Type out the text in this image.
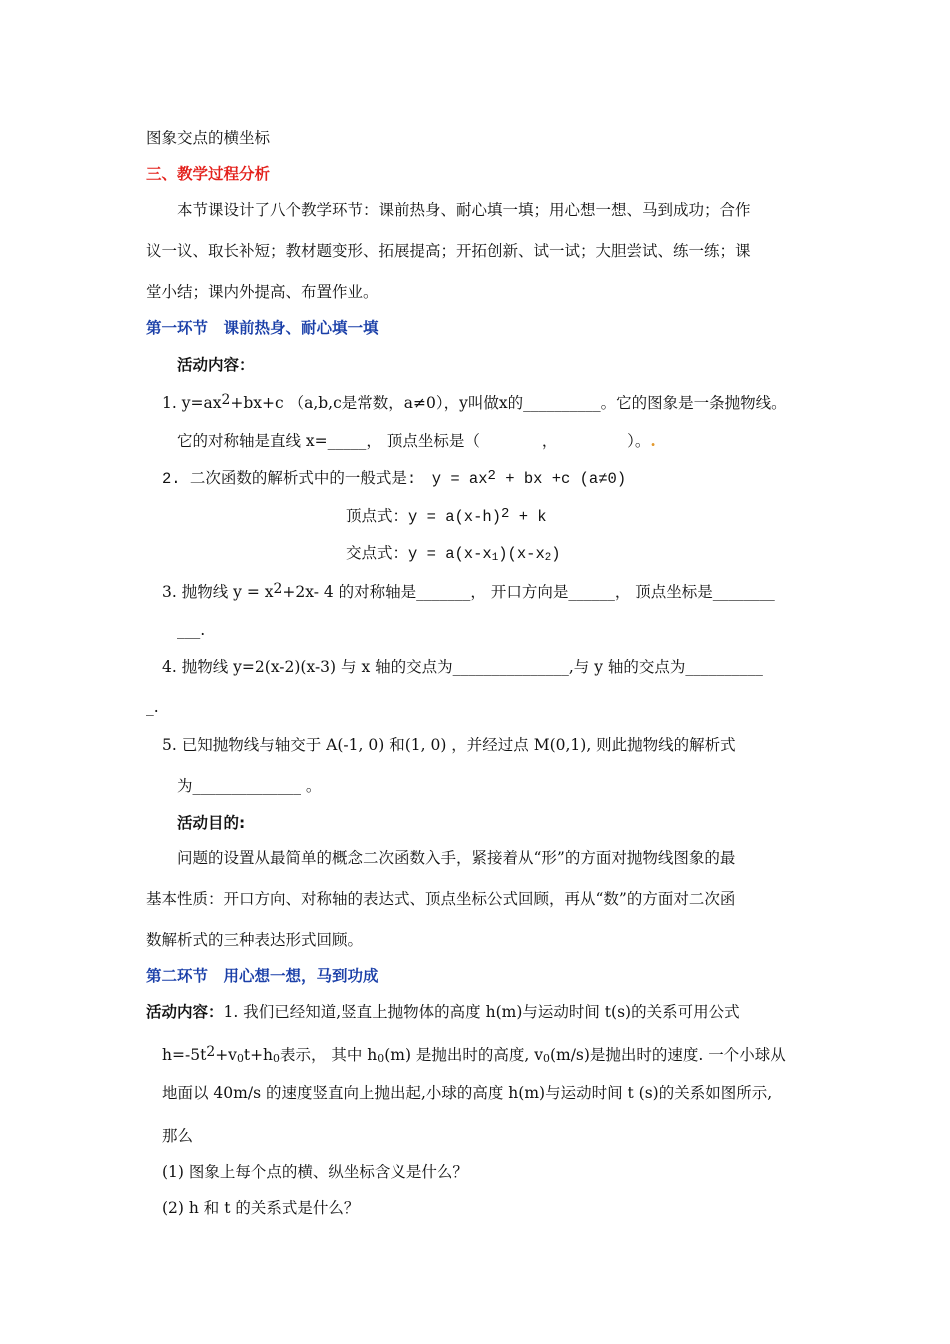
图象交点的横坐标
三、教学过程分析
本节课设计了八个教学环节：课前热身、耐心填一填；用心想一想、马到成功；合作
议一议、取长补短；教材题变形、拓展提高；开拓创新、试一试；大胆尝试、练一练；课
堂小结；课内外提高、布置作业。
第一环节　课前热身、耐心填一填
活动内容：
1. $y=ax^2+bx+c$ （a,b,c是常数，a≠0），y叫做x的__________。它的图象是一条抛物线。
它的对称轴是直线 x=_____， 顶点坐标是（　　　　，　　　　　）。.
2. 二次函数的解析式中的一般式是:　$y = ax^2$ + bx +c (a≠0)
顶点式：$y = a(x-h)^2 + k$
交点式：$y = a(x-x_1)(x-x_2)$
3. 抛物线 $y = x^2+2x-$ 4 的对称轴是_______， 开口方向是______， 顶点坐标是________
___.
4. 抛物线 y=2(x-2)(x-3) 与 x 轴的交点为_______________,与 y 轴的交点为__________
_.
5. 已知抛物线与轴交于 A(-1, 0) 和(1, 0) ，并经过点 M(0,1), 则此抛物线的解析式
为______________ 。
活动目的:
问题的设置从最简单的概念二次函数入手，紧接着从“形”的方面对抛物线图象的最
基本性质：开口方向、对称轴的表达式、顶点坐标公式回顾，再从“数”的方面对二次函
数解析式的三种表达形式回顾。
第二环节　用心想一想，马到功成
活动内容：1. 我们已经知道,竖直上抛物体的高度 h(m)与运动时间 t(s)的关系可用公式
$h=-5t^2+v_0t+h_0$表示， 其中 $h_0(m)$ 是抛出时的高度, $v_0(m/s)$是抛出时的速度. 一个小球从
地面以 40m/s 的速度竖直向上抛出起,小球的高度 h(m)与运动时间 t (s)的关系如图所示,
那么
(1) 图象上每个点的横、纵坐标含义是什么？
(2) h 和 t 的关系式是什么？
